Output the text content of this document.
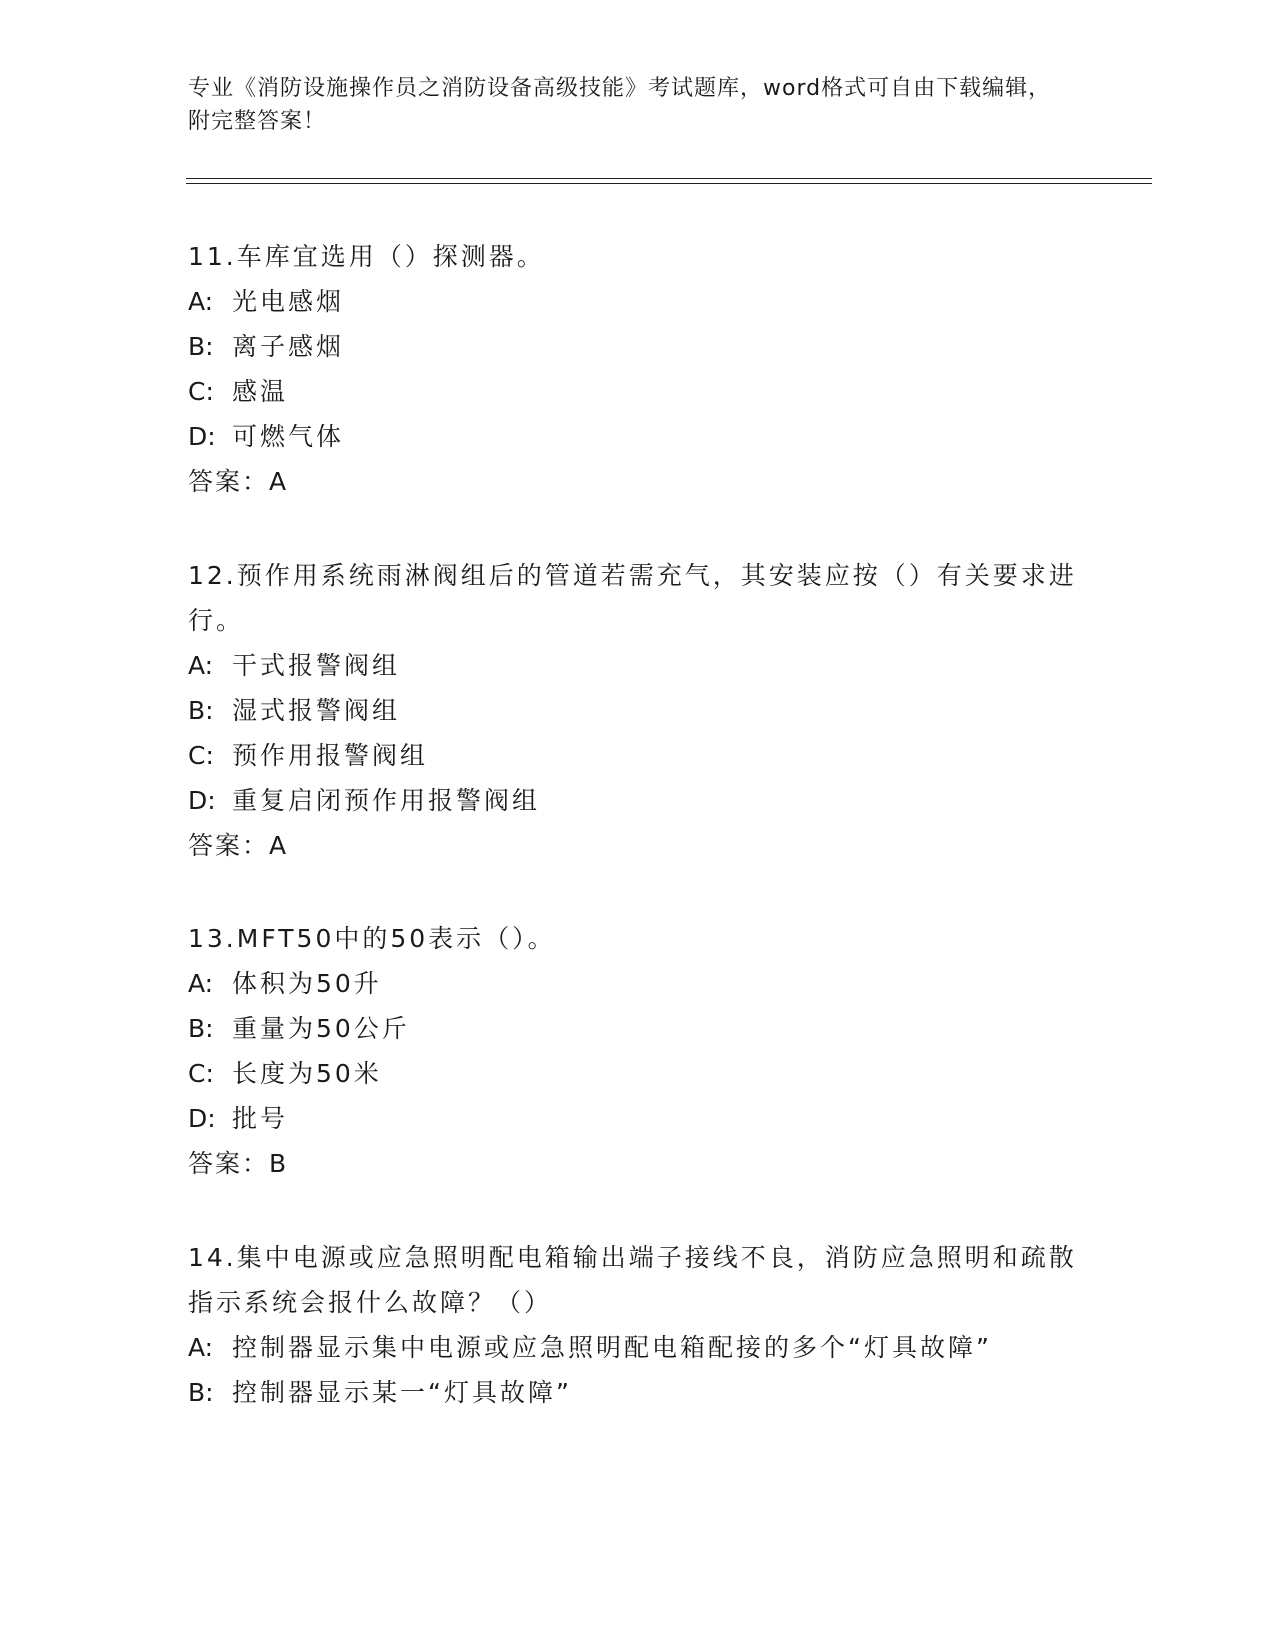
专业《消防设施操作员之消防设备高级技能》考试题库，word格式可自由下载编辑，附完整答案！
11.车库宜选用（）探测器。
A: 光电感烟
B: 离子感烟
C: 感温
D: 可燃气体
答案：A
12.预作用系统雨淋阀组后的管道若需充气，其安装应按（）有关要求进行。
A: 干式报警阀组
B: 湿式报警阀组
C: 预作用报警阀组
D: 重复启闭预作用报警阀组
答案：A
13.MFT50中的50表示（）。
A: 体积为50升
B: 重量为50公斤
C: 长度为50米
D: 批号
答案：B
14.集中电源或应急照明配电箱输出端子接线不良，消防应急照明和疏散指示系统会报什么故障？（）
A: 控制器显示集中电源或应急照明配电箱配接的多个“灯具故障”
B: 控制器显示某一“灯具故障”
